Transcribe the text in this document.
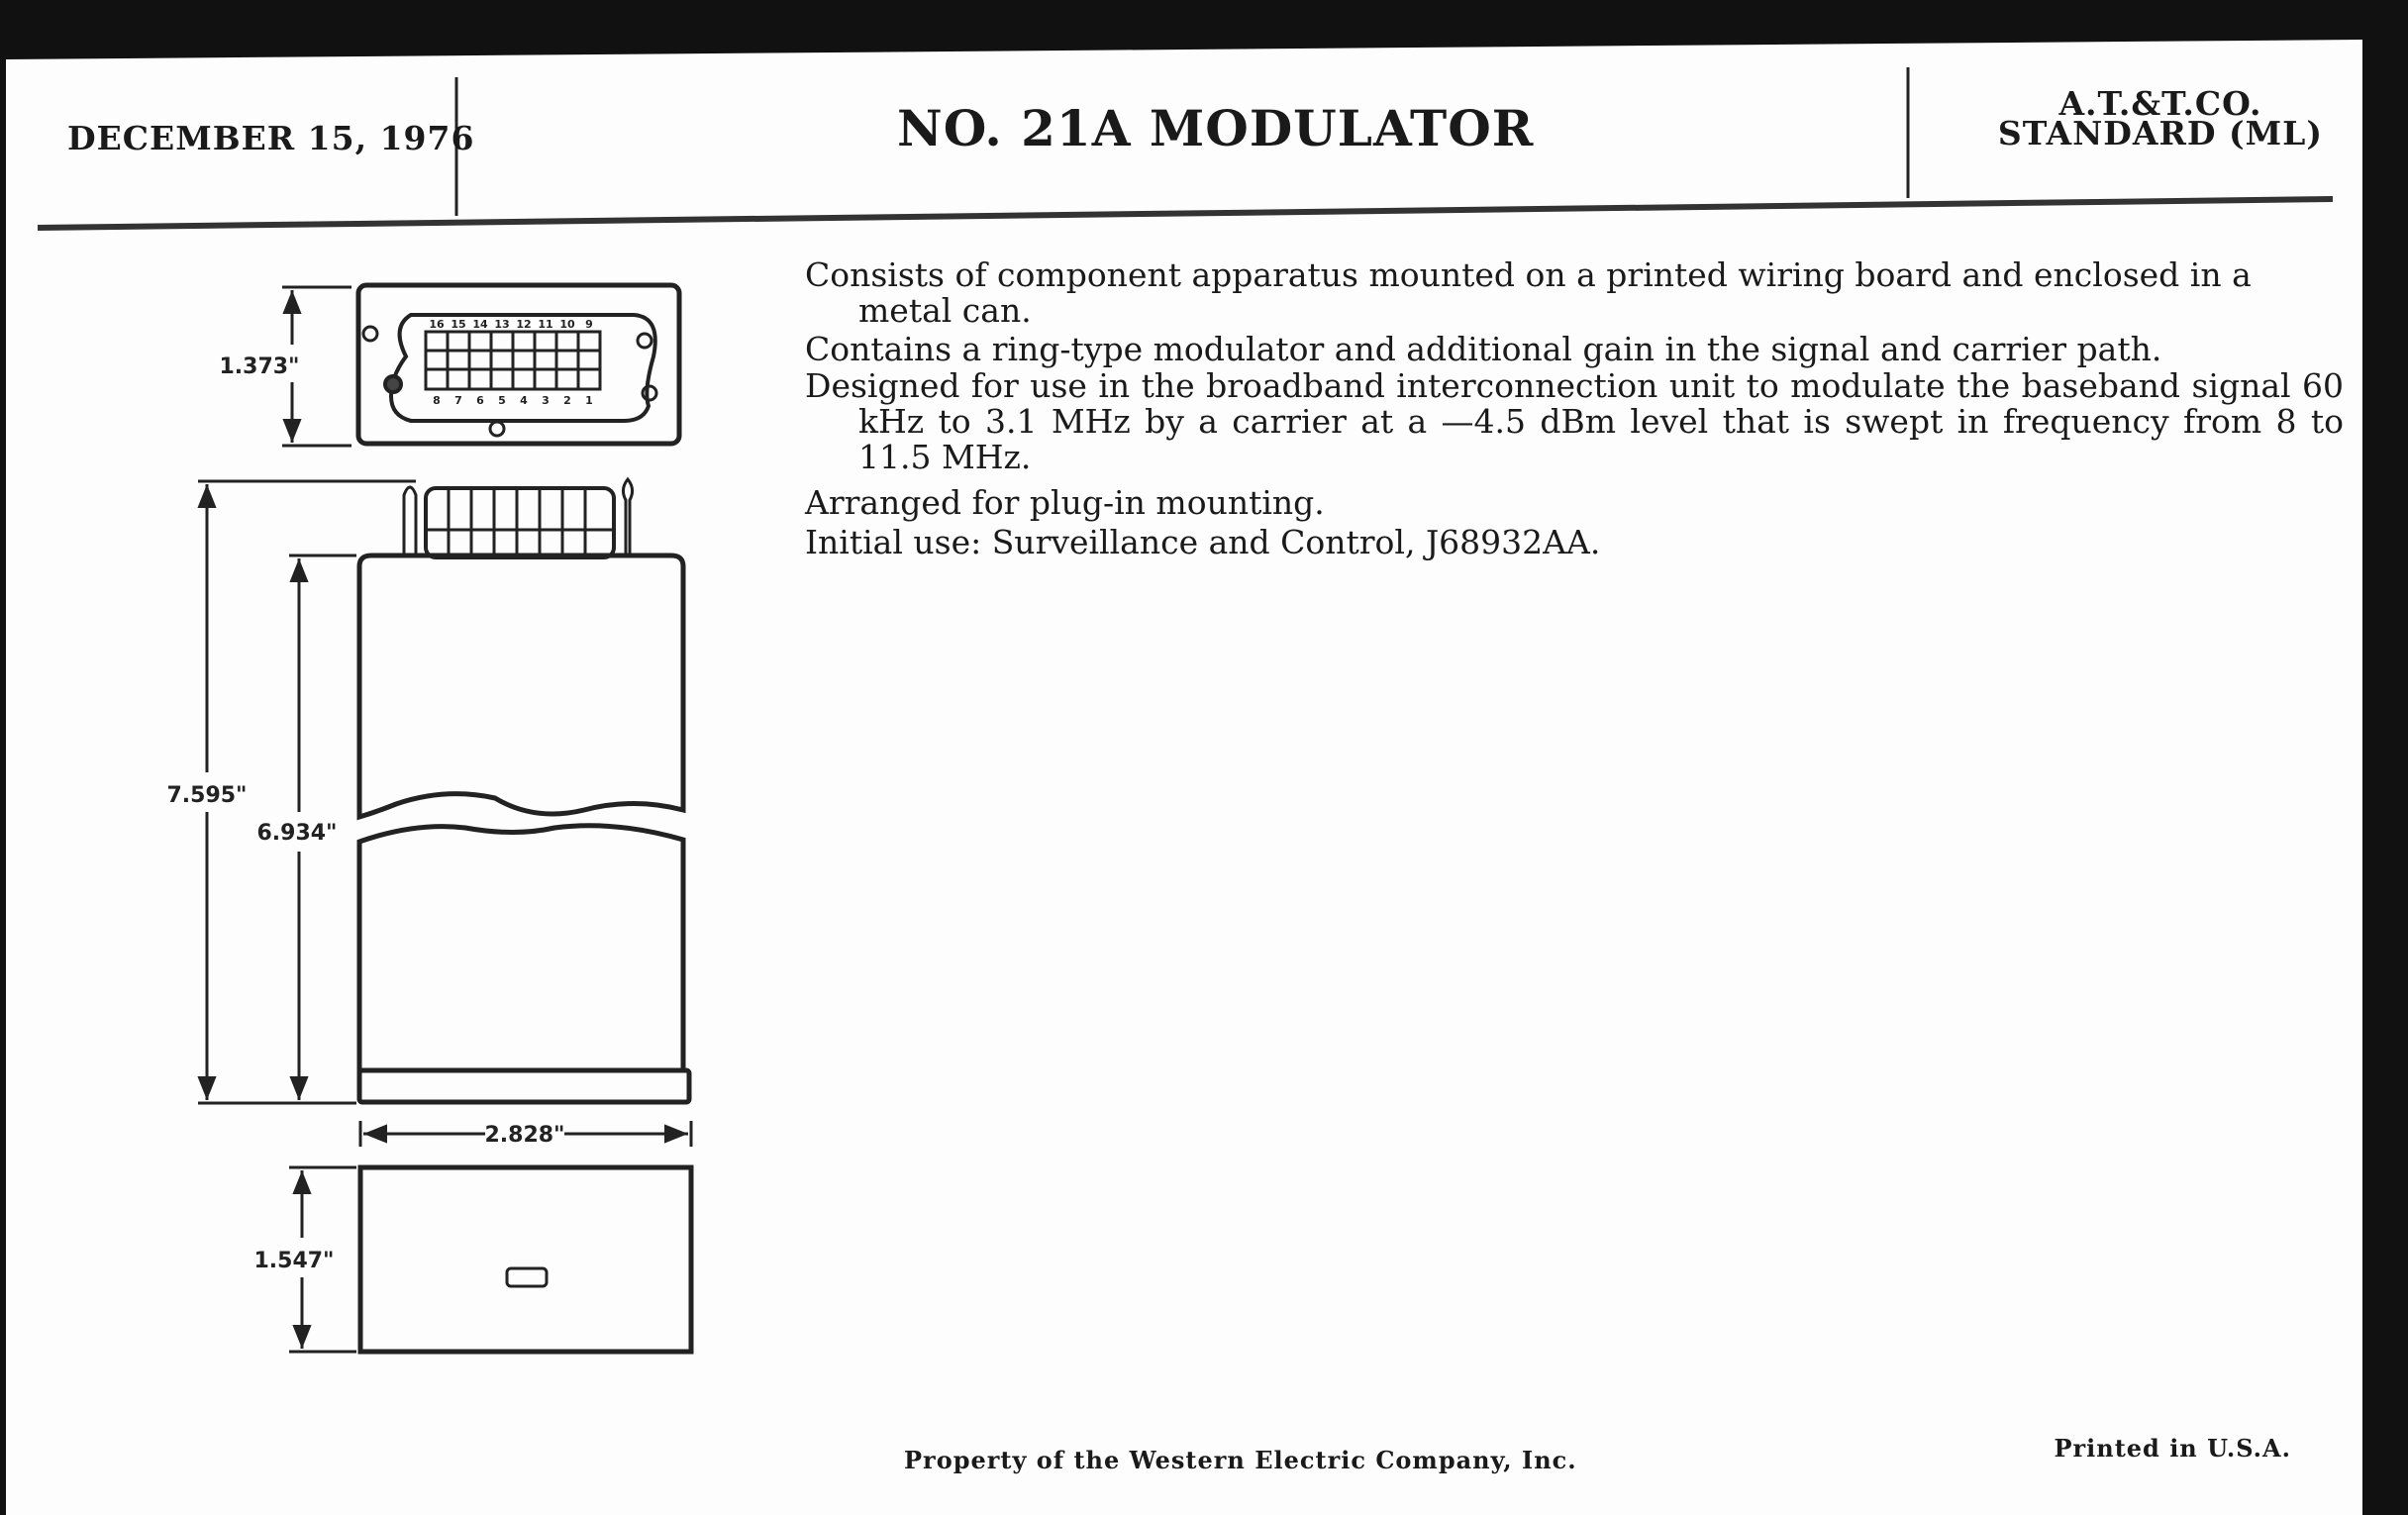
DECEMBER 15, 1976	NO. 21A MODULATOR	A.T.&T.CO.
STANDARD (ML)
Consists of component apparatus mounted on a printed wiring board and enclosed in a metal can.
Contains a ring-type modulator and additional gain in the signal and carrier path.
Designed for use in the broadband interconnection unit to modulate the baseband signal 60 kHz to 3.1 MHz by a carrier at a —4.5 dBm level that is swept in frequency from 8 to 11.5 MHz.
Arranged for plug-in mounting.
Initial use: Surveillance and Control, J68932AA.
16 15 14 13 12 11 10 9
8 7 6 5 4 3 2 1
1.373"
7.595"
6.934"
2.828"
1.547"
Property of the Western Electric Company, Inc.	Printed in U.S.A.
